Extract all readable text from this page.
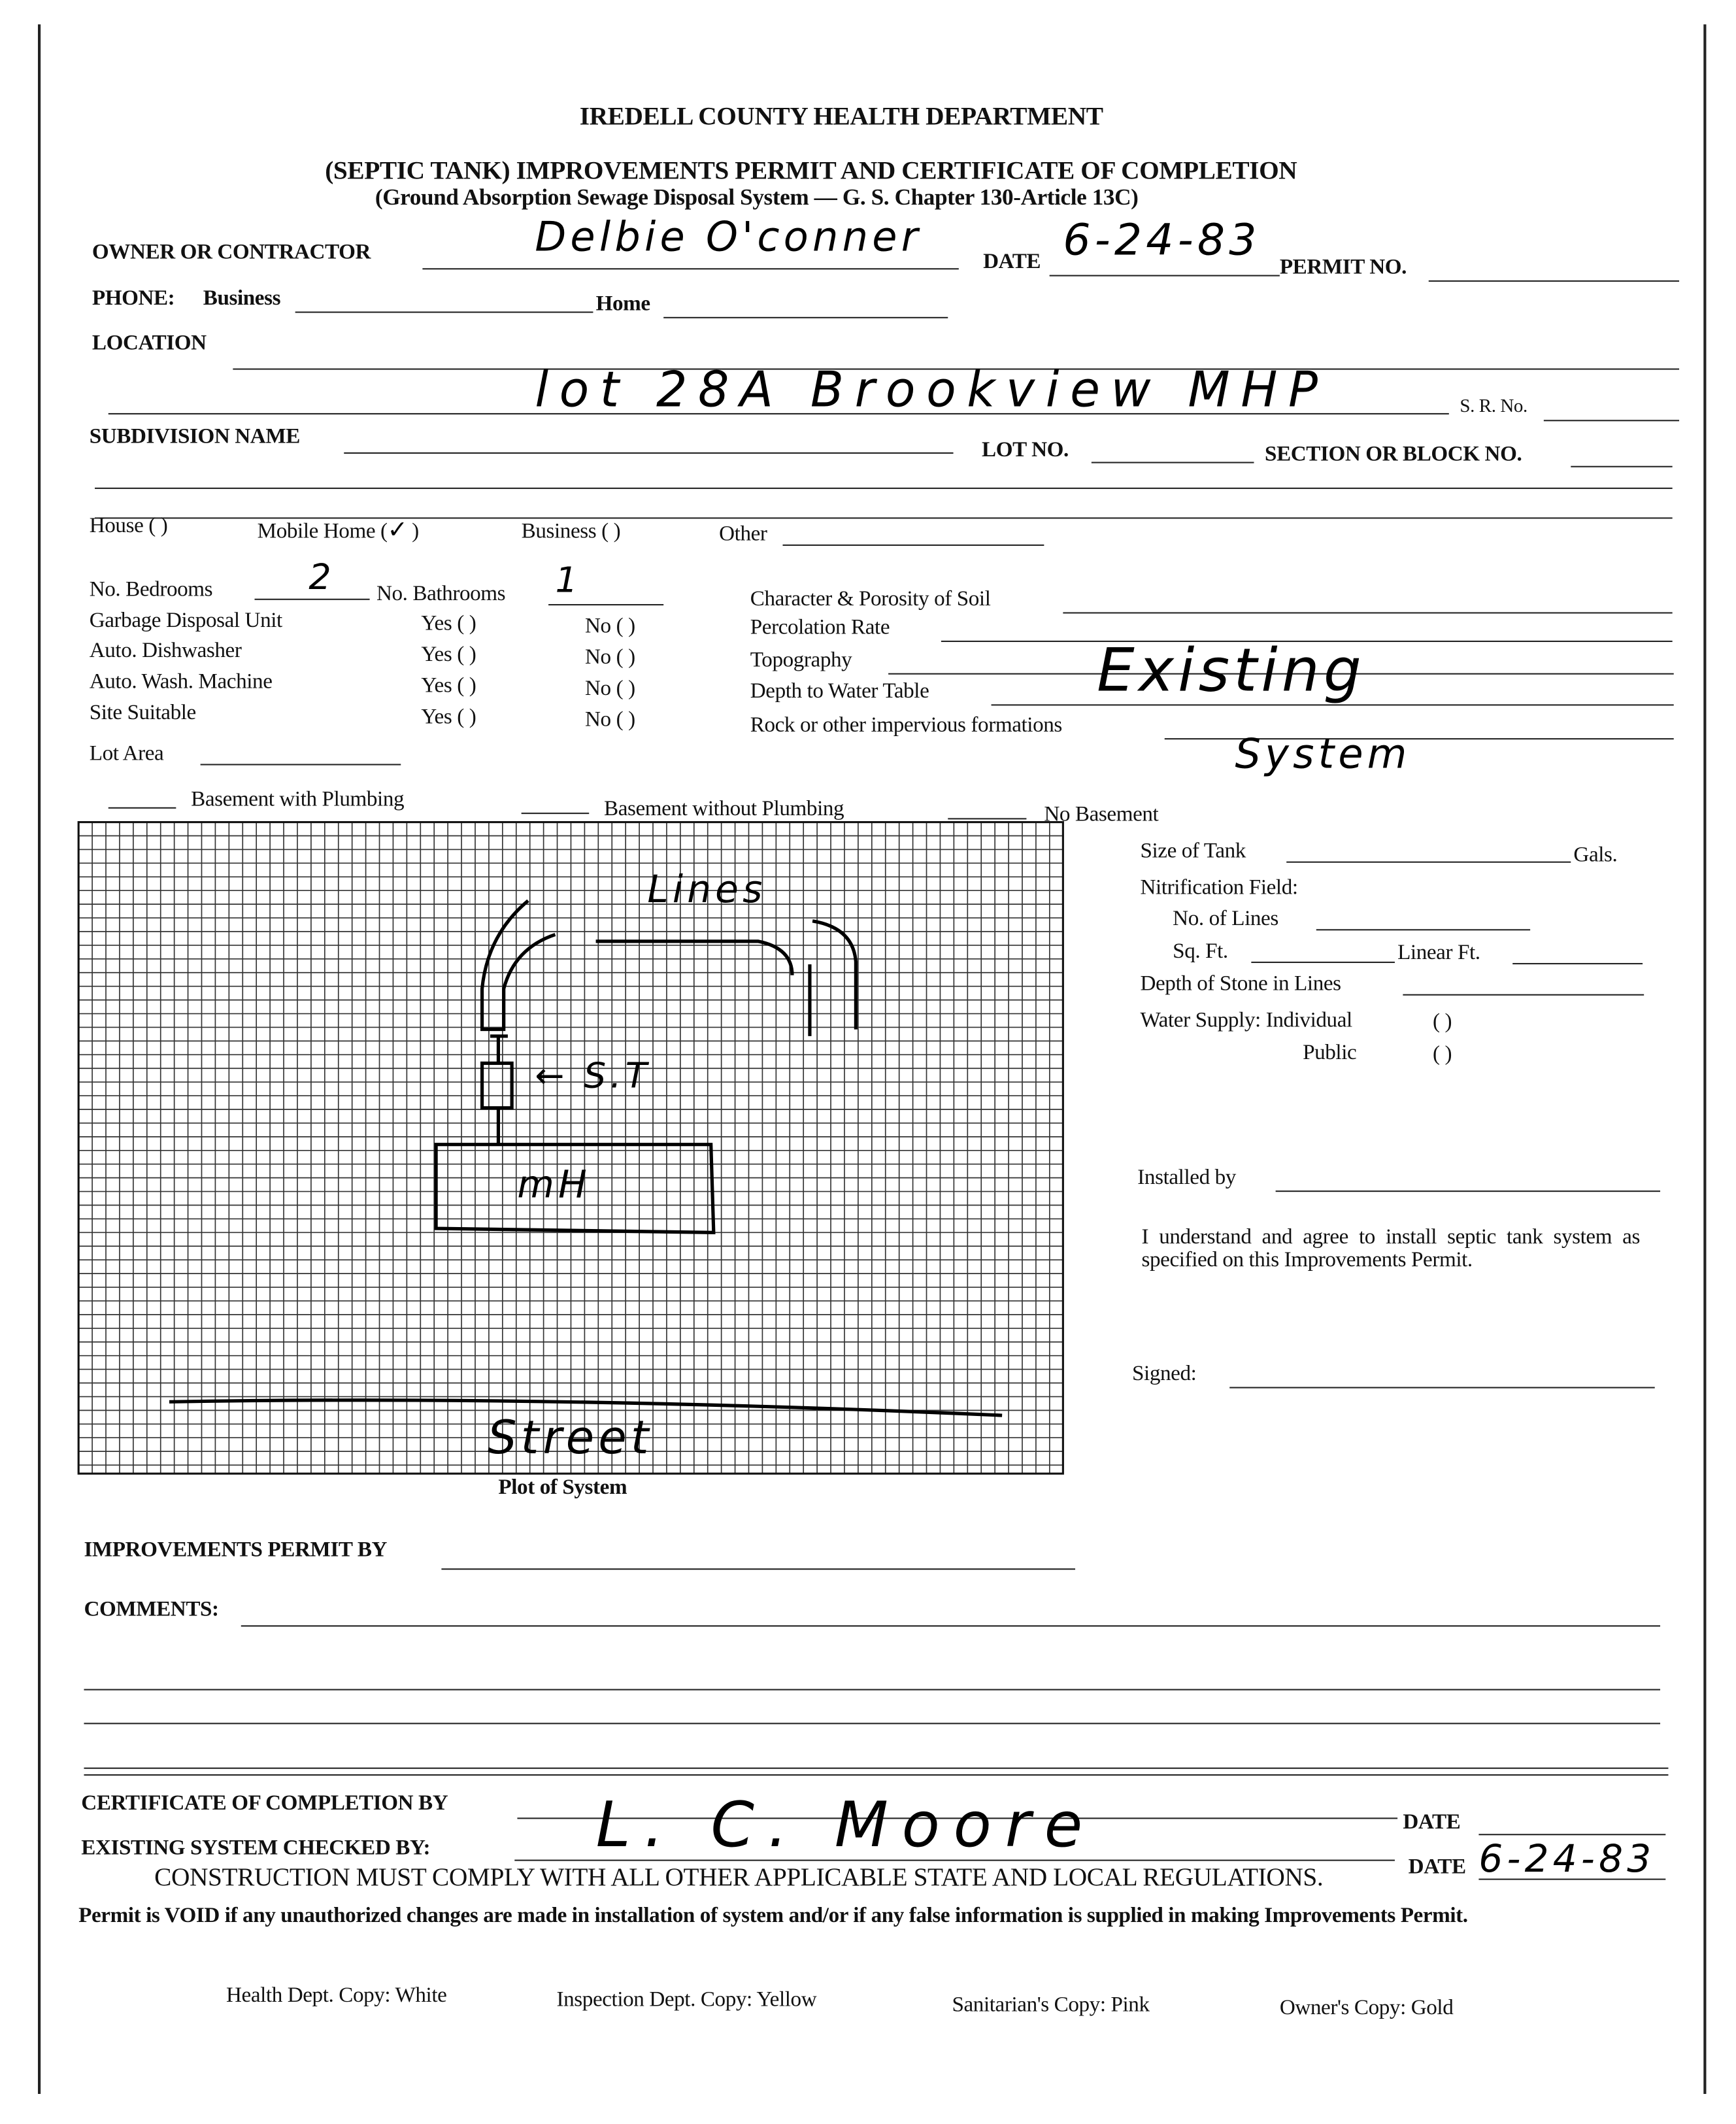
IREDELL COUNTY HEALTH DEPARTMENT
(SEPTIC TANK) IMPROVEMENTS PERMIT AND CERTIFICATE OF COMPLETION
(Ground Absorption Sewage Disposal System — G. S. Chapter 130-Article 13C)
OWNER OR CONTRACTOR	Delbie O'conner
DATE 6-24-83
PERMIT NO.
PHONE:	Business	Home
LOCATION
lot 28A Brookview MHP	S. R. No.
SUBDIVISION NAME
LOT NO.	SECTION OR BLOCK NO.
House ( )	Mobile Home (✓)	Business ( )	Other
No. Bedrooms	2	No. Bathrooms	1
Garbage Disposal Unit	Yes ( )	No ( )
Auto. Dishwasher	Yes ( )	No ( )
Auto. Wash. Machine	Yes ( )	No ( )
Site Suitable	Yes ( )	No ( )
Lot Area
Character & Porosity of Soil
Percolation Rate
Topography
Depth to Water Table
Rock or other impervious formations
Existing
System
Basement with Plumbing	Basement without Plumbing	No Basement
Lines
← S.T
mH
Street
Plot of System
Size of Tank	Gals.
Nitrification Field:
No. of Lines
Sq. Ft.	Linear Ft.
Depth of Stone in Lines
Water Supply: Individual	( )
Public	( )
Installed by
I understand and agree to install septic tank system as specified on this Improvements Permit.
Signed:
IMPROVEMENTS PERMIT BY
COMMENTS:
CERTIFICATE OF COMPLETION BY
DATE
EXISTING SYSTEM CHECKED BY:	L. C. Moore
DATE 6-24-83
CONSTRUCTION MUST COMPLY WITH ALL OTHER APPLICABLE STATE AND LOCAL REGULATIONS.
Permit is VOID if any unauthorized changes are made in installation of system and/or if any false information is supplied in making Improvements Permit.
Health Dept. Copy: White	Inspection Dept. Copy: Yellow	Sanitarian's Copy: Pink	Owner's Copy: Gold
